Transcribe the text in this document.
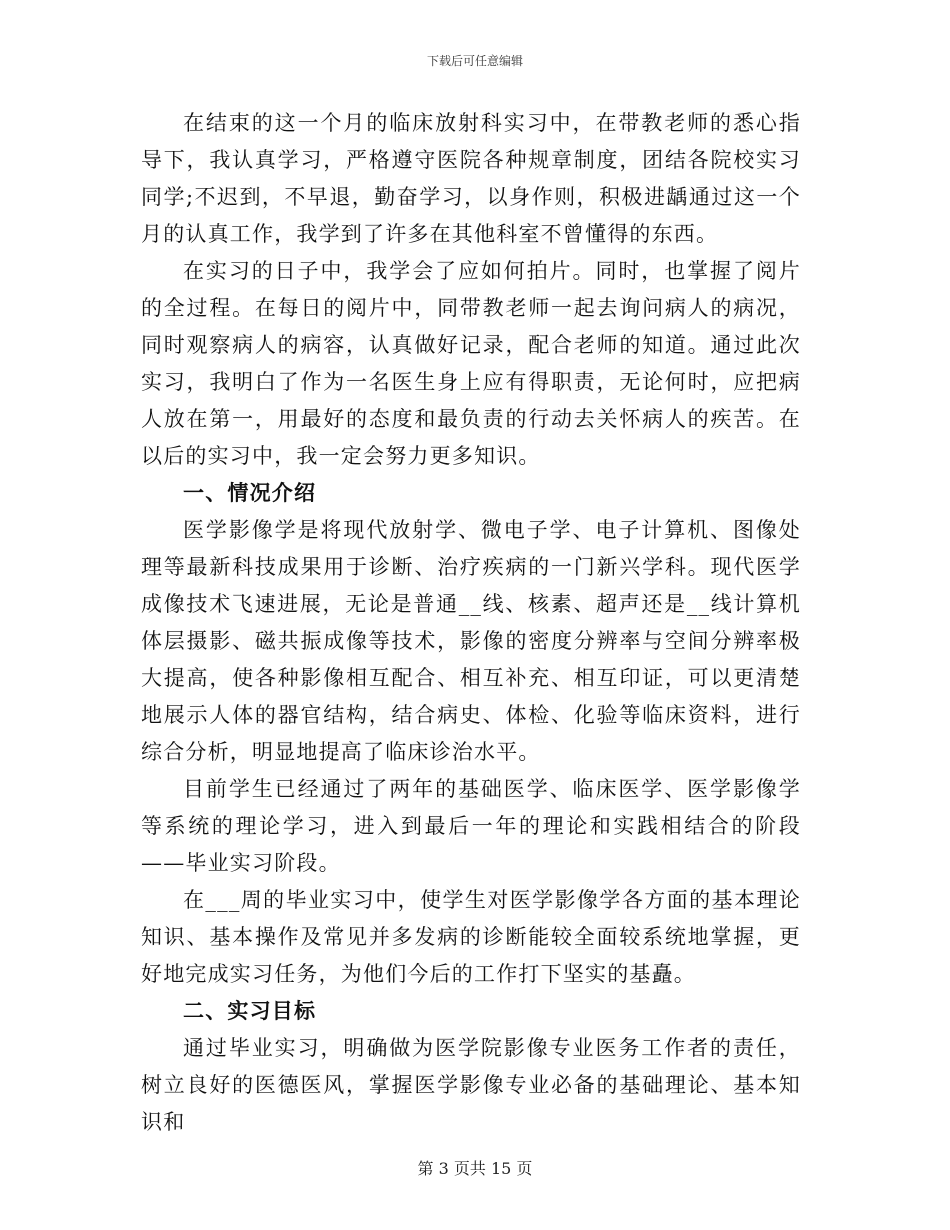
下载后可任意编辑

在结束的这一个月的临床放射科实习中，在带教老师的悉心指导下，我认真学习，严格遵守医院各种规章制度，团结各院校实习同学;不迟到，不早退，勤奋学习，以身作则，积极进龋通过这一个月的认真工作，我学到了许多在其他科室不曾懂得的东西。

在实习的日子中，我学会了应如何拍片。同时，也掌握了阅片的全过程。在每日的阅片中，同带教老师一起去询问病人的病况，同时观察病人的病容，认真做好记录，配合老师的知道。通过此次实习，我明白了作为一名医生身上应有得职责，无论何时，应把病人放在第一，用最好的态度和最负责的行动去关怀病人的疾苦。在以后的实习中，我一定会努力更多知识。

一、情况介绍

医学影像学是将现代放射学、微电子学、电子计算机、图像处理等最新科技成果用于诊断、治疗疾病的一门新兴学科。现代医学成像技术飞速进展，无论是普通__线、核素、超声还是__线计算机体层摄影、磁共振成像等技术，影像的密度分辨率与空间分辨率极大提高，使各种影像相互配合、相互补充、相互印证，可以更清楚地展示人体的器官结构，结合病史、体检、化验等临床资料，进行综合分析，明显地提高了临床诊治水平。

目前学生已经通过了两年的基础医学、临床医学、医学影像学等系统的理论学习，进入到最后一年的理论和实践相结合的阶段——毕业实习阶段。

在___周的毕业实习中，使学生对医学影像学各方面的基本理论知识、基本操作及常见并多发病的诊断能较全面较系统地掌握，更好地完成实习任务，为他们今后的工作打下坚实的基矗。

二、实习目标

通过毕业实习，明确做为医学院影像专业医务工作者的责任，树立良好的医德医风，掌握医学影像专业必备的基础理论、基本知识和

第 3 页共 15 页
